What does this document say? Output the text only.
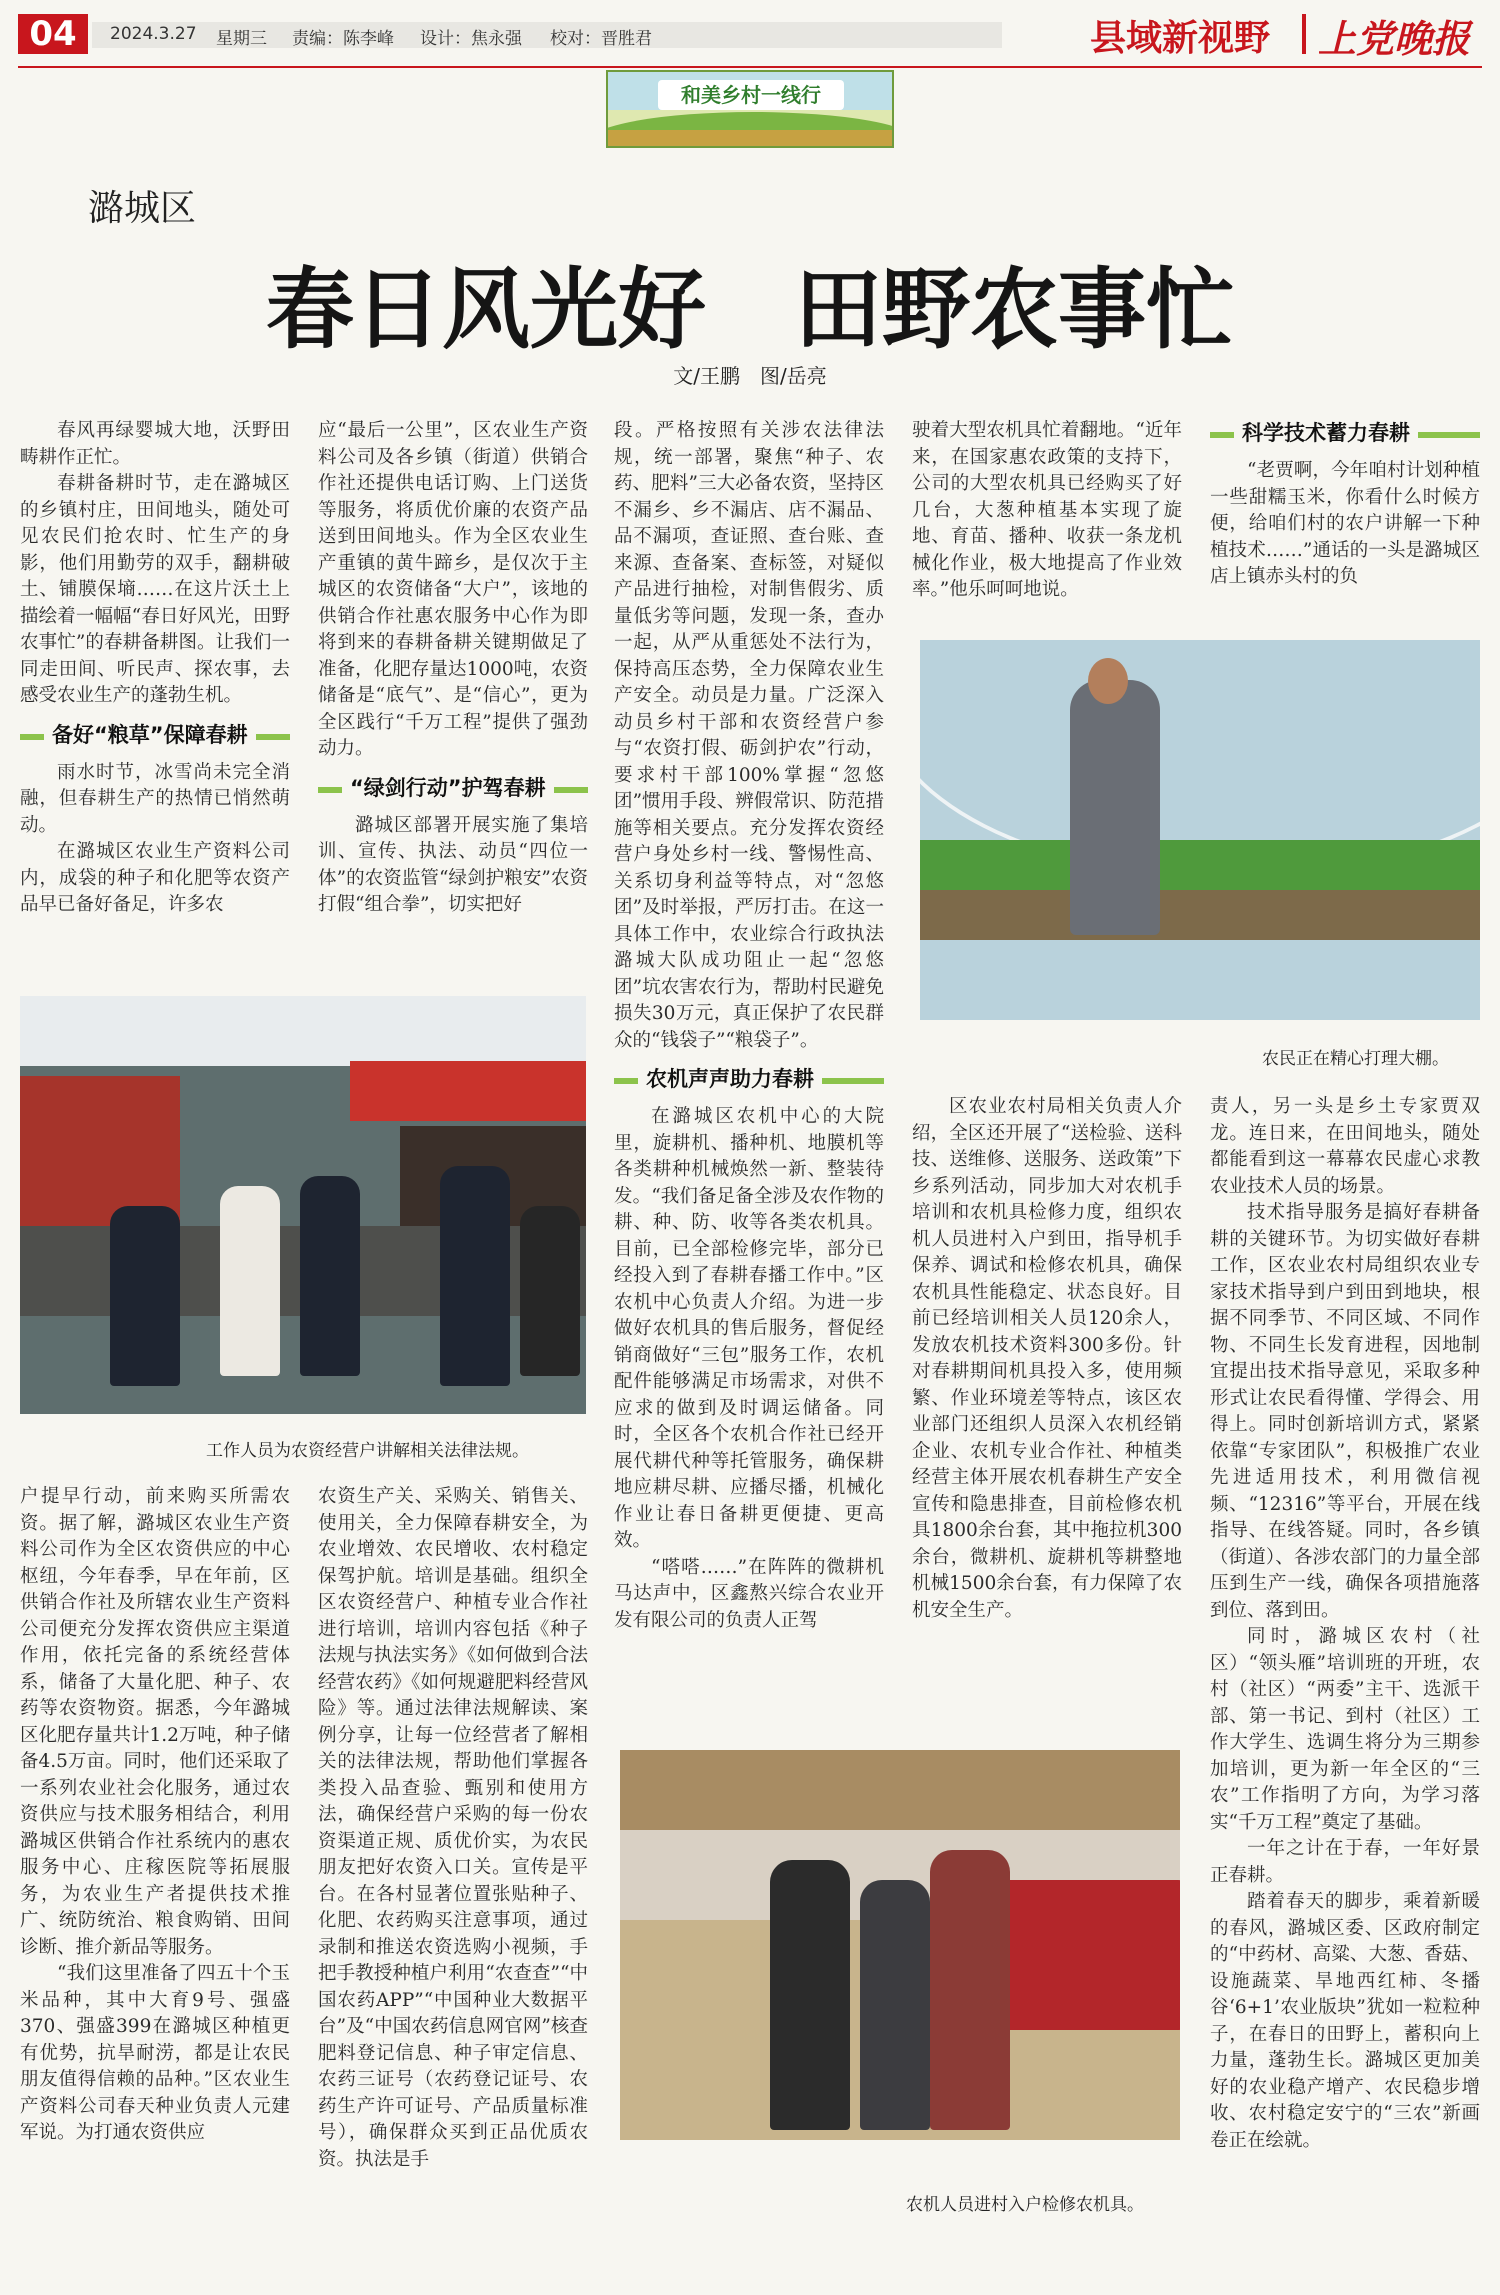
04	2024.3.27 星期三 责编：陈李峰 设计：焦永强 校对：晋胜君	县域新视野 上党晚报
和美乡村一线行
潞城区
春日风光好　田野农事忙
文/王鹏　图/岳亮

春风再绿婴城大地，沃野田畴耕作正忙。

春耕备耕时节，走在潞城区的乡镇村庄，田间地头，随处可见农民们抢农时、忙生产的身影，他们用勤劳的双手，翻耕破土、铺膜保墒……在这片沃土上描绘着一幅幅“春日好风光，田野农事忙”的春耕备耕图。让我们一同走田间、听民声、探农事，去感受农业生产的蓬勃生机。

备好“粮草”保障春耕

雨水时节，冰雪尚未完全消融，但春耕生产的热情已悄然萌动。

在潞城区农业生产资料公司内，成袋的种子和化肥等农资产品早已备好备足，许多农

应“最后一公里”，区农业生产资料公司及各乡镇（街道）供销合作社还提供电话订购、上门送货等服务，将质优价廉的农资产品送到田间地头。作为全区农业生产重镇的黄牛蹄乡，是仅次于主城区的农资储备“大户”，该地的供销合作社惠农服务中心作为即将到来的春耕备耕关键期做足了准备，化肥存量达1000吨，农资储备是“底气”、是“信心”，更为全区践行“千万工程”提供了强劲动力。

“绿剑行动”护驾春耕

潞城区部署开展实施了集培训、宣传、执法、动员“四位一体”的农资监管“绿剑护粮安”农资打假“组合拳”，切实把好

工作人员为农资经营户讲解相关法律法规。

户提早行动，前来购买所需农资。据了解，潞城区农业生产资料公司作为全区农资供应的中心枢纽，今年春季，早在年前，区供销合作社及所辖农业生产资料公司便充分发挥农资供应主渠道作用，依托完备的系统经营体系，储备了大量化肥、种子、农药等农资物资。据悉，今年潞城区化肥存量共计1.2万吨，种子储备4.5万亩。同时，他们还采取了一系列农业社会化服务，通过农资供应与技术服务相结合，利用潞城区供销合作社系统内的惠农服务中心、庄稼医院等拓展服务，为农业生产者提供技术推广、统防统治、粮食购销、田间诊断、推介新品等服务。

“我们这里准备了四五十个玉米品种，其中大育9号、强盛370、强盛399在潞城区种植更有优势，抗旱耐涝，都是让农民朋友值得信赖的品种。”区农业生产资料公司春天种业负责人元建军说。为打通农资供应

农资生产关、采购关、销售关、使用关，全力保障春耕安全，为农业增效、农民增收、农村稳定保驾护航。培训是基础。组织全区农资经营户、种植专业合作社进行培训，培训内容包括《种子法规与执法实务》《如何做到合法经营农药》《如何规避肥料经营风险》等。通过法律法规解读、案例分享，让每一位经营者了解相关的法律法规，帮助他们掌握各类投入品查验、甄别和使用方法，确保经营户采购的每一份农资渠道正规、质优价实，为农民朋友把好农资入口关。宣传是平台。在各村显著位置张贴种子、化肥、农药购买注意事项，通过录制和推送农资选购小视频，手把手教授种植户利用“农查查”“中国农药APP”“中国种业大数据平台”及“中国农药信息网官网”核查肥料登记信息、种子审定信息、农药三证号（农药登记证号、农药生产许可证号、产品质量标准号），确保群众买到正品优质农资。执法是手

段。严格按照有关涉农法律法规，统一部署，聚焦“种子、农药、肥料”三大必备农资，坚持区不漏乡、乡不漏店、店不漏品、品不漏项，查证照、查台账、查来源、查备案、查标签，对疑似产品进行抽检，对制售假劣、质量低劣等问题，发现一条，查办一起，从严从重惩处不法行为，保持高压态势，全力保障农业生产安全。动员是力量。广泛深入动员乡村干部和农资经营户参与“农资打假、砺剑护农”行动，要求村干部100%掌握“忽悠团”惯用手段、辨假常识、防范措施等相关要点。充分发挥农资经营户身处乡村一线、警惕性高、关系切身利益等特点，对“忽悠团”及时举报，严厉打击。在这一具体工作中，农业综合行政执法潞城大队成功阻止一起“忽悠团”坑农害农行为，帮助村民避免损失30万元，真正保护了农民群众的“钱袋子”“粮袋子”。

农机声声助力春耕

在潞城区农机中心的大院里，旋耕机、播种机、地膜机等各类耕种机械焕然一新、整装待发。“我们备足备全涉及农作物的耕、种、防、收等各类农机具。目前，已全部检修完毕，部分已经投入到了春耕春播工作中。”区农机中心负责人介绍。为进一步做好农机具的售后服务，督促经销商做好“三包”服务工作，农机配件能够满足市场需求，对供不应求的做到及时调运储备。同时，全区各个农机合作社已经开展代耕代种等托管服务，确保耕地应耕尽耕、应播尽播，机械化作业让春日备耕更便捷、更高效。

“嗒嗒……”在阵阵的微耕机马达声中，区鑫熬兴综合农业开发有限公司的负责人正驾

驶着大型农机具忙着翻地。“近年来，在国家惠农政策的支持下，公司的大型农机具已经购买了好几台，大葱种植基本实现了旋地、育苗、播种、收获一条龙机械化作业，极大地提高了作业效率。”他乐呵呵地说。

科学技术蓄力春耕

“老贾啊，今年咱村计划种植一些甜糯玉米，你看什么时候方便，给咱们村的农户讲解一下种植技术……”通话的一头是潞城区店上镇赤头村的负

农民正在精心打理大棚。

区农业农村局相关负责人介绍，全区还开展了“送检验、送科技、送维修、送服务、送政策”下乡系列活动，同步加大对农机手培训和农机具检修力度，组织农机人员进村入户到田，指导机手保养、调试和检修农机具，确保农机具性能稳定、状态良好。目前已经培训相关人员120余人，发放农机技术资料300多份。针对春耕期间机具投入多，使用频繁、作业环境差等特点，该区农业部门还组织人员深入农机经销企业、农机专业合作社、种植类经营主体开展农机春耕生产安全宣传和隐患排查，目前检修农机具1800余台套，其中拖拉机300余台，微耕机、旋耕机等耕整地机械1500余台套，有力保障了农机安全生产。

责人，另一头是乡土专家贾双龙。连日来，在田间地头，随处都能看到这一幕幕农民虚心求教农业技术人员的场景。

技术指导服务是搞好春耕备耕的关键环节。为切实做好春耕工作，区农业农村局组织农业专家技术指导到户到田到地块，根据不同季节、不同区域、不同作物、不同生长发育进程，因地制宜提出技术指导意见，采取多种形式让农民看得懂、学得会、用得上。同时创新培训方式，紧紧依靠“专家团队”，积极推广农业先进适用技术，利用微信视频、“12316”等平台，开展在线指导、在线答疑。同时，各乡镇（街道）、各涉农部门的力量全部压到生产一线，确保各项措施落到位、落到田。

同时，潞城区农村（社区）“领头雁”培训班的开班，农村（社区）“两委”主干、选派干部、第一书记、到村（社区）工作大学生、选调生将分为三期参加培训，更为新一年全区的“三农”工作指明了方向，为学习落实“千万工程”奠定了基础。

一年之计在于春，一年好景正春耕。

踏着春天的脚步，乘着新暖的春风，潞城区委、区政府制定的“中药材、高粱、大葱、香菇、设施蔬菜、旱地西红柿、冬播谷‘6+1’农业版块”犹如一粒粒种子，在春日的田野上，蓄积向上力量，蓬勃生长。潞城区更加美好的农业稳产增产、农民稳步增收、农村稳定安宁的“三农”新画卷正在绘就。

农机人员进村入户检修农机具。
